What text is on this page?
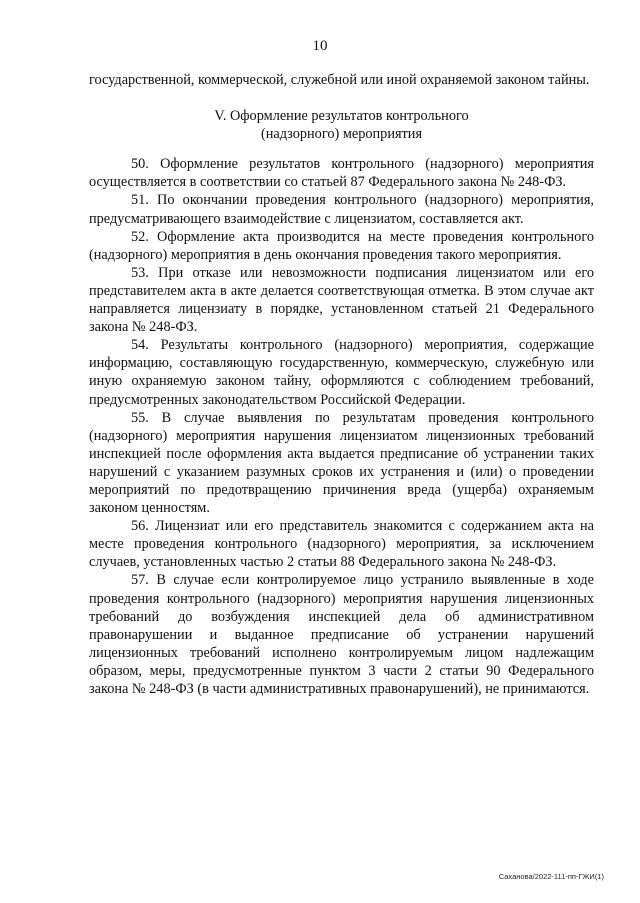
10

государственной, коммерческой, служебной или иной охраняемой законом тайны.

V. Оформление результатов контрольного
(надзорного) мероприятия

50. Оформление результатов контрольного (надзорного) мероприятия осуществляется в соответствии со статьей 87 Федерального закона № 248-ФЗ.

51. По окончании проведения контрольного (надзорного) мероприятия, предусматривающего взаимодействие с лицензиатом, составляется акт.

52. Оформление акта производится на месте проведения контрольного (надзорного) мероприятия в день окончания проведения такого мероприятия.

53. При отказе или невозможности подписания лицензиатом или его представителем акта в акте делается соответствующая отметка. В этом случае акт направляется лицензиату в порядке, установленном статьей 21 Федерального закона № 248-ФЗ.

54. Результаты контрольного (надзорного) мероприятия, содержащие информацию, составляющую государственную, коммерческую, служебную или иную охраняемую законом тайну, оформляются с соблюдением требований, предусмотренных законодательством Российской Федерации.

55. В случае выявления по результатам проведения контрольного (надзорного) мероприятия нарушения лицензиатом лицензионных требований инспекцией после оформления акта выдается предписание об устранении таких нарушений с указанием разумных сроков их устранения и (или) о проведении мероприятий по предотвращению причинения вреда (ущерба) охраняемым законом ценностям.

56. Лицензиат или его представитель знакомится с содержанием акта на месте проведения контрольного (надзорного) мероприятия, за исключением случаев, установленных частью 2 статьи 88 Федерального закона № 248-ФЗ.

57. В случае если контролируемое лицо устранило выявленные в ходе проведения контрольного (надзорного) мероприятия нарушения лицензионных требований до возбуждения инспекцией дела об административном правонарушении и выданное предписание об устранении нарушений лицензионных требований исполнено контролируемым лицом надлежащим образом, меры, предусмотренные пунктом 3 части 2 статьи 90 Федерального закона № 248-ФЗ (в части административных правонарушений), не принимаются.

Саханова/2022-111-пп-ГЖИ(1)
